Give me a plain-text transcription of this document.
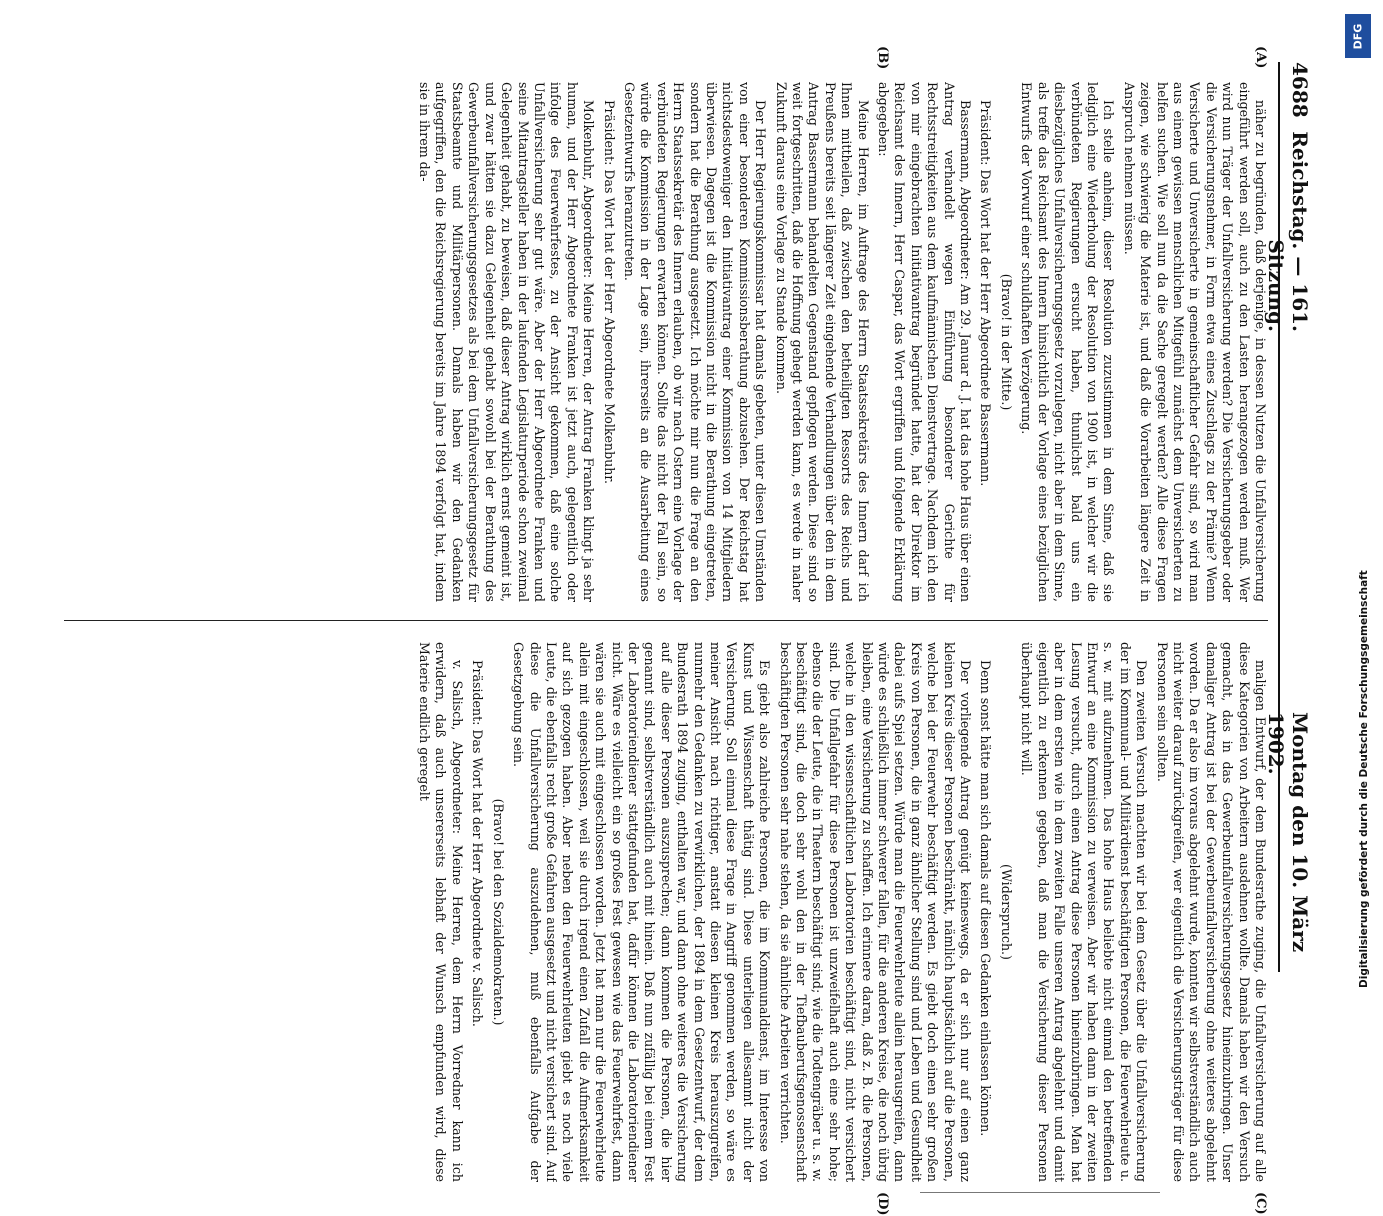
4688
Reichstag. — 161. Sitzung.
Montag den 10. März 1902.
(A)
(B)
(C)
(D)

näher zu begründen, daß derjenige, in dessen Nutzen die Unfallversicherung eingeführt werden soll, auch zu den Lasten herangezogen werden muß. Wer wird nun Träger der Unfallversicherung werden? Die Versicherungsgeber oder die Versicherungsnehmer, in Form etwa eines Zuschlags zu der Prämie? Wenn Versicherte und Unversicherte in gemeinschaftlicher Gefahr sind, so wird man aus einem gewissen menschlichen Mitgefühl zunächst dem Unversicherten zu helfen suchen. Wie soll nun da die Sache geregelt werden? Alle diese Fragen zeigen, wie schwierig die Materie ist, und daß die Vorarbeiten längere Zeit in Anspruch nehmen müssen.

Ich stelle anheim, dieser Resolution zuzustimmen in dem Sinne, daß sie lediglich eine Wiederholung der Resolution von 1900 ist, in welcher wir die verbündeten Regierungen ersucht haben, thunlichst bald uns ein diesbezügliches Unfallversicherungsgesetz vorzulegen, nicht aber in dem Sinne, als treffe das Reichsamt des Innern hinsichtlich der Vorlage eines bezüglichen Entwurfs der Vorwurf einer schuldhaften Verzögerung.

(Bravo! in der Mitte.)

Präsident: Das Wort hat der Herr Abgeordnete Bassermann.

Bassermann, Abgeordneter: Am 29. Januar d. J. hat das hohe Haus über einen Antrag verhandelt wegen Einführung besonderer Gerichte für Rechtsstreitigkeiten aus dem kaufmännischen Dienstvertrage. Nachdem ich den von mir eingebrachten Initiativantrag begründet hatte, hat der Direktor im Reichsamt des Innern, Herr Caspar, das Wort ergriffen und folgende Erklärung abgegeben:

Meine Herren, im Auftrage des Herrn Staatssekretärs des Innern darf ich Ihnen mittheilen, daß zwischen den betheiligten Ressorts des Reichs und Preußens bereits seit längerer Zeit eingehende Verhandlungen über den in dem Antrag Bassermann behandelten Gegenstand gepflogen werden. Diese sind so weit fortgeschritten, daß die Hoffnung gehegt werden kann, es werde in naher Zukunft daraus eine Vorlage zu Stande kommen.

Der Herr Regierungskommissar hat damals gebeten, unter diesen Umständen von einer besonderen Kommissionsberathung abzusehen. Der Reichstag hat nichtsdestoweniger den Initiativantrag einer Kommission von 14 Mitgliedern überwiesen. Dagegen ist die Kommission nicht in die Berathung eingetreten, sondern hat die Berathung ausgesetzt. Ich möchte mir nun die Frage an den Herrn Staatssekretär des Innern erlauben, ob wir nach Ostern eine Vorlage der verbündeten Regierungen erwarten können. Sollte das nicht der Fall sein, so würde die Kommission in der Lage sein, ihrerseits an die Ausarbeitung eines Gesetzentwurfs heranzutreten.

Präsident: Das Wort hat der Herr Abgeordnete Molkenbuhr.

Molkenbuhr, Abgeordneter: Meine Herren, der Antrag Franken klingt ja sehr human, und der Herr Abgeordnete Franken ist jetzt auch, gelegentlich oder infolge des Feuerwehrfestes, zu der Ansicht gekommen, daß eine solche Unfallversicherung sehr gut wäre. Aber der Herr Abgeordnete Franken und seine Mitantragsteller haben in der laufenden Legislaturperiode schon zweimal Gelegenheit gehabt, zu beweisen, daß dieser Antrag wirklich ernst gemeint ist, und zwar hätten sie dazu Gelegenheit gehabt sowohl bei der Berathung des Gewerbeunfallversicherungsgesetzes als bei dem Unfallversicherungsgesetz für Staatsbeamte und Militärpersonen. Damals haben wir den Gedanken aufgegriffen, den die Reichsregierung bereits im Jahre 1894 verfolgt hat, indem sie in ihrem da-

maligen Entwurf, der dem Bundesrathe zuging, die Unfallversicherung auf alle diese Kategorien von Arbeitern ausdehnen wollte. Damals haben wir den Versuch gemacht, das in das Gewerbeunfallversicherungsgesetz hineinzubringen. Unser damaliger Antrag ist bei der Gewerbeunfallversicherung ohne weiteres abgelehnt worden. Da er also im voraus abgelehnt wurde, konnten wir selbstverständlich auch nicht weiter darauf zurückgreifen, wer eigentlich die Versicherungsträger für diese Personen sein sollten.

Den zweiten Versuch machten wir bei dem Gesetz über die Unfallversicherung der im Kommunal- und Militärdienst beschäftigten Personen, die Feuerwehrleute u. s. w. mit aufzunehmen. Das hohe Haus beliebte nicht einmal den betreffenden Entwurf an eine Kommission zu verweisen. Aber wir haben dann in der zweiten Lesung versucht, durch einen Antrag diese Personen hineinzubringen. Man hat aber in dem ersten wie in dem zweiten Falle unseren Antrag abgelehnt und damit eigentlich zu erkennen gegeben, daß man die Versicherung dieser Personen überhaupt nicht will.

(Widerspruch.)

Denn sonst hätte man sich damals auf diesen Gedanken einlassen können.

Der vorliegende Antrag genügt keineswegs, da er sich nur auf einen ganz kleinen Kreis dieser Personen beschränkt, nämlich hauptsächlich auf die Personen, welche bei der Feuerwehr beschäftigt werden. Es giebt doch einen sehr großen Kreis von Personen, die in ganz ähnlicher Stellung sind und Leben und Gesundheit dabei aufs Spiel setzen. Würde man die Feuerwehrleute allein herausgreifen, dann würde es schließlich immer schwerer fallen, für die anderen Kreise, die noch übrig bleiben, eine Versicherung zu schaffen. Ich erinnere daran, daß z. B. die Personen, welche in den wissenschaftlichen Laboratorien beschäftigt sind, nicht versichert sind. Die Unfallgefahr für diese Personen ist unzweifelhaft auch eine sehr hohe; ebenso die der Leute, die in Theatern beschäftigt sind; wie die Todtengräber u. s. w. beschäftigt sind, die doch sehr wohl den in der Tiefbauberufsgenossenschaft beschäftigten Personen sehr nahe stehen, da sie ähnliche Arbeiten verrichten.

Es giebt also zahlreiche Personen, die im Kommunaldienst, im Interesse von Kunst und Wissenschaft thätig sind. Diese unterliegen allesammt nicht der Versicherung. Soll einmal diese Frage in Angriff genommen werden, so wäre es meiner Ansicht nach richtiger, anstatt diesen kleinen Kreis herauszugreifen, nunmehr den Gedanken zu verwirklichen, der 1894 in dem Gesetzentwurf, der dem Bundesrath 1894 zuging, enthalten war, und dann ohne weiteres die Versicherung auf alle dieser Personen auszusprechen; dann kommen die Personen, die hier genannt sind, selbstverständlich auch mit hinein. Daß nun zufällig bei einem Fest der Laboratoriendiener stattgefunden hat, dafür können die Laboratoriendiener nicht. Wäre es vielleicht ein so großes Fest gewesen wie das Feuerwehrfest, dann wären sie auch mit eingeschlossen worden. Jetzt hat man nur die Feuerwehrleute allein mit eingeschlossen, weil sie durch irgend einen Zufall die Aufmerksamkeit auf sich gezogen haben. Aber neben den Feuerwehrleuten giebt es noch viele Leute, die ebenfalls recht große Gefahren ausgesetzt und nicht versichert sind. Auf diese die Unfallversicherung auszudehnen, muß ebenfalls Aufgabe der Gesetzgebung sein.

(Bravo! bei den Sozialdemokraten.)

Präsident: Das Wort hat der Herr Abgeordnete v. Salisch.

v. Salisch, Abgeordneter: Meine Herren, dem Herrn Vorredner kann ich erwidern, daß auch unsererseits lebhaft der Wunsch empfunden wird, diese Materie endlich geregelt

DFG
Digitalisierung gefördert durch die Deutsche Forschungsgemeinschaft
